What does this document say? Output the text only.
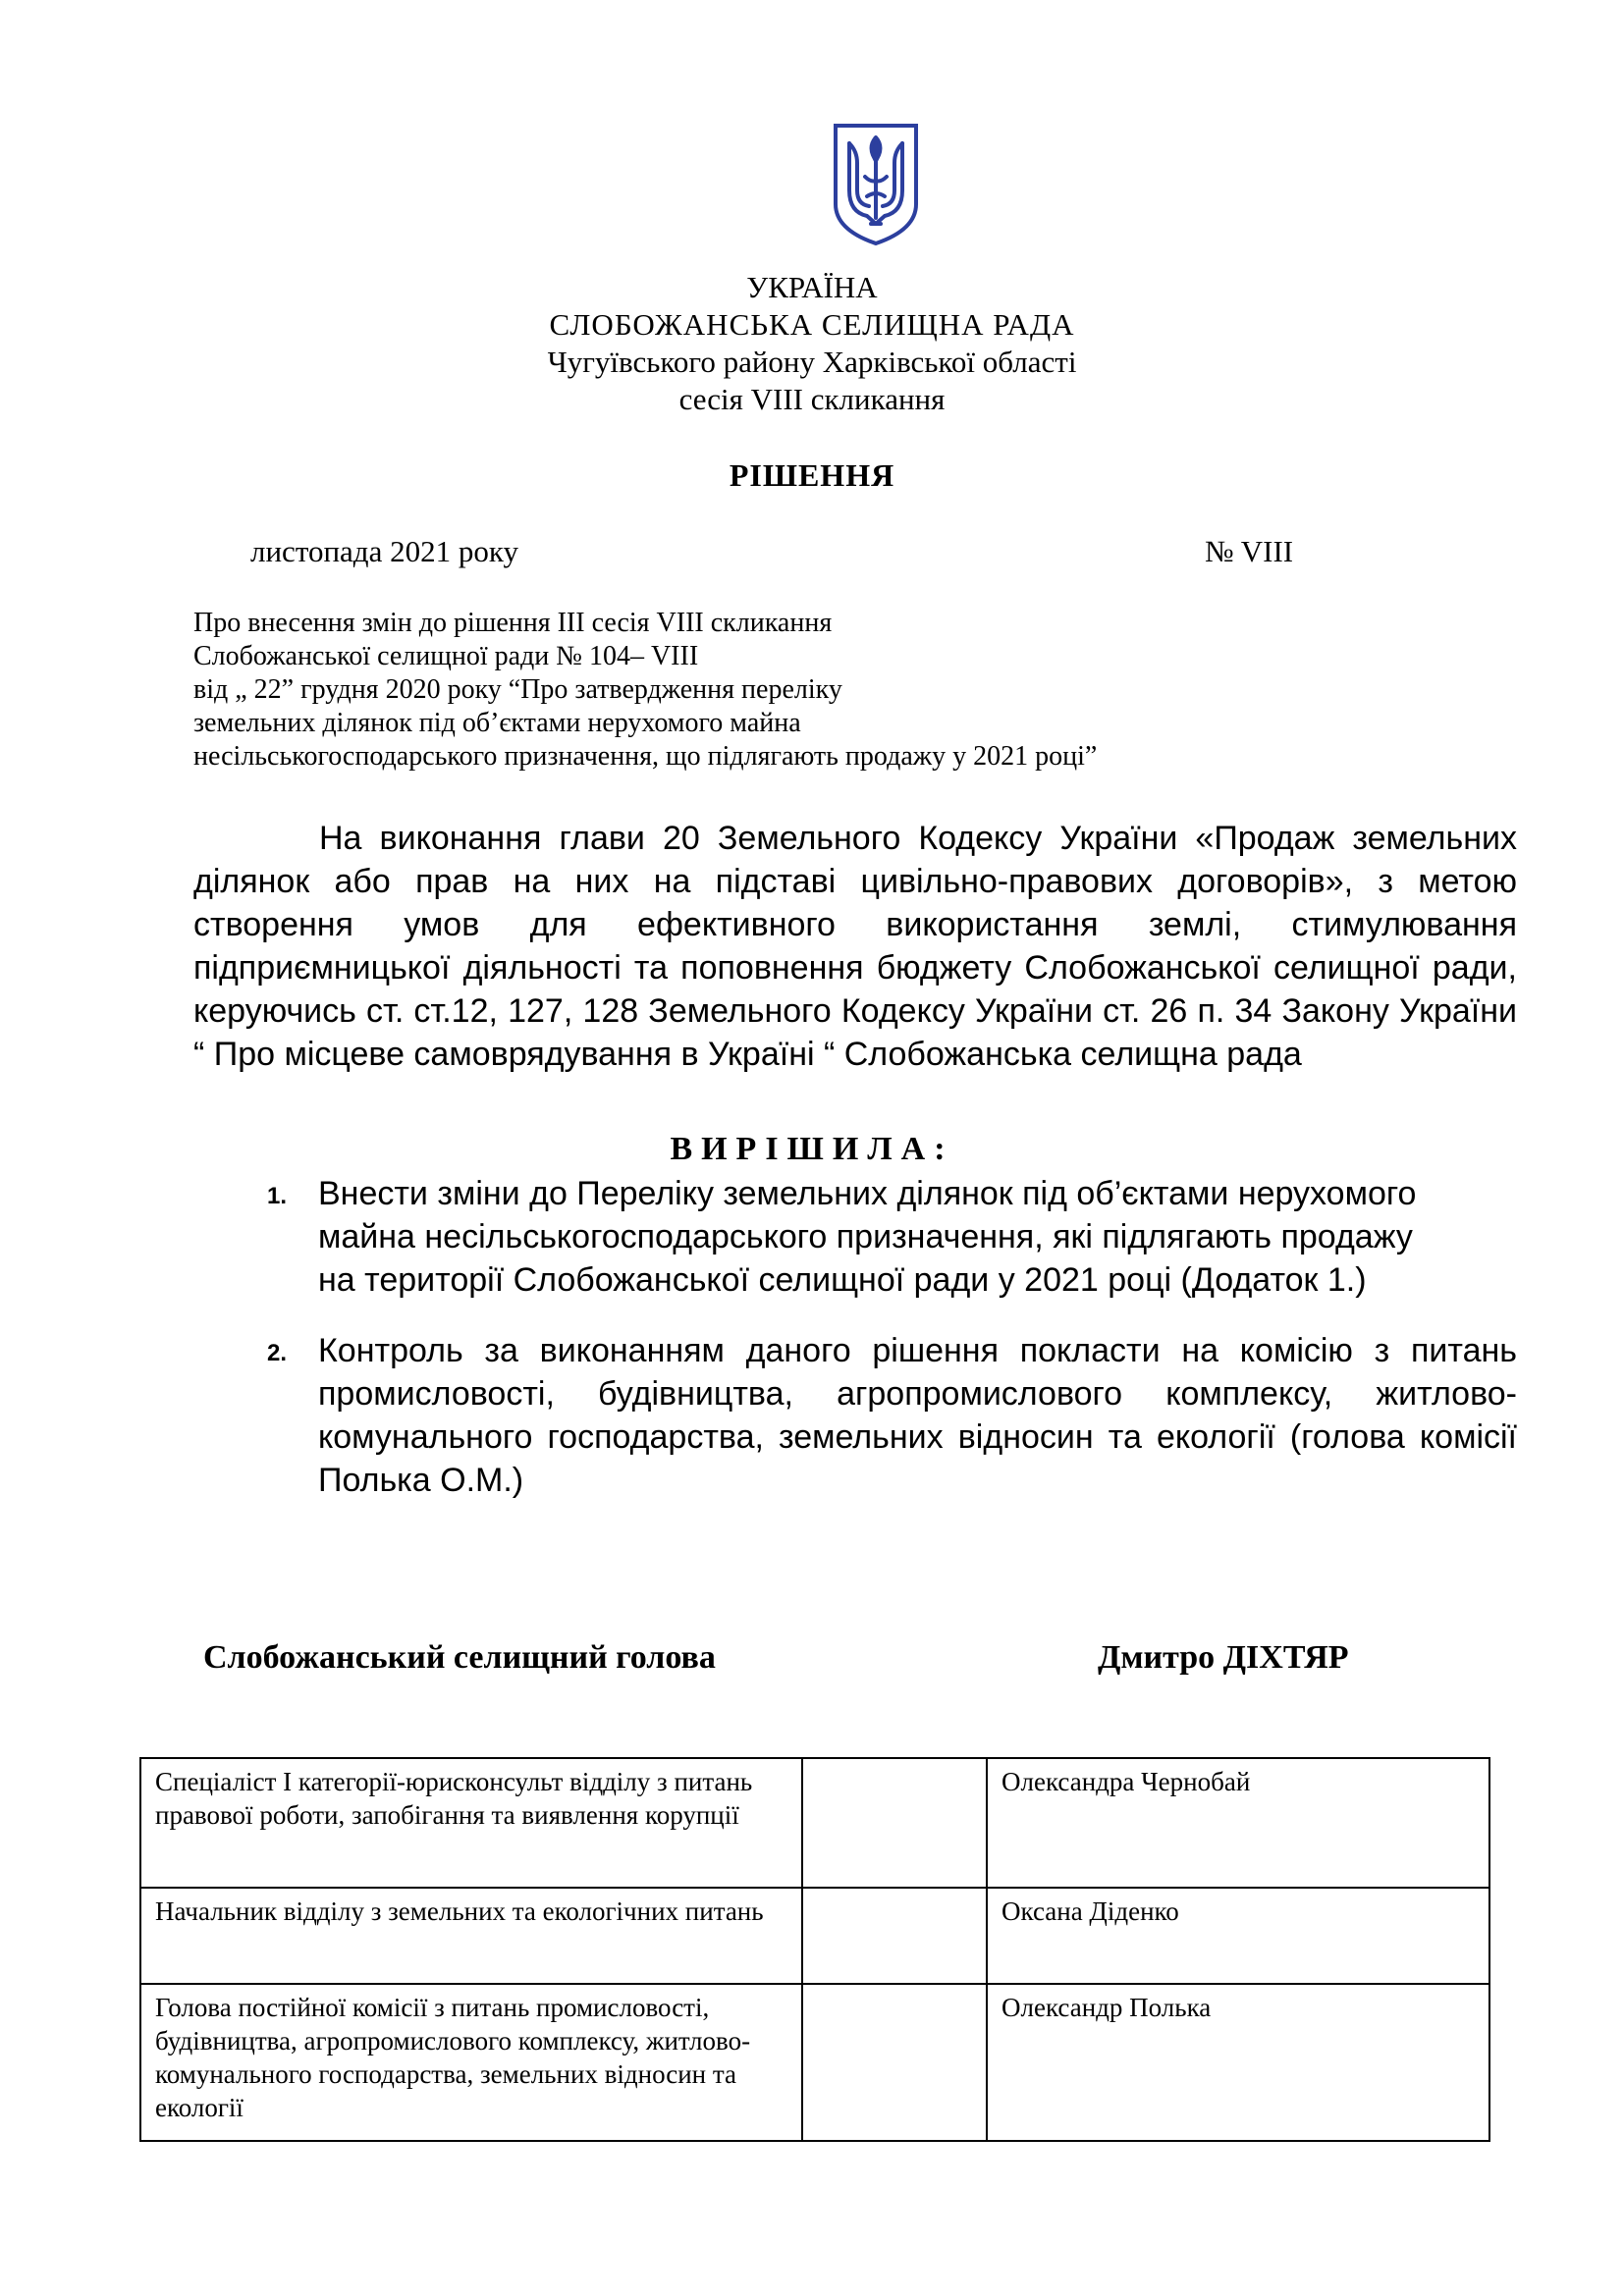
УКРАЇНА
СЛОБОЖАНСЬКА СЕЛИЩНА РАДА
Чугуївського району Харківської області
сесія VIII скликання
РІШЕННЯ
листопада 2021 року	№ VIII
Про внесення змін до рішення ІІІ сесія VIII скликання
Слобожанської селищної ради № 104– VIII
від „ 22” грудня 2020 року “Про затвердження переліку
земельних ділянок під об’єктами нерухомого майна
несільськогосподарського призначення, що підлягають продажу у 2021 році”
На виконання глави 20 Земельного Кодексу України «Продаж земельних ділянок або прав на них на підставі цивільно-правових договорів», з метою створення умов для ефективного використання землі, стимулювання підприємницької діяльності та поповнення бюджету Слобожанської селищної ради, керуючись ст. ст.12, 127, 128 Земельного Кодексу України ст. 26 п. 34 Закону України “ Про місцеве самоврядування в Україні “ Слобожанська селищна рада
ВИРІШИЛА:
1. Внести зміни до Переліку земельних ділянок під об’єктами нерухомого
майна несільськогосподарського призначення, які підлягають продажу
на території Слобожанської селищної ради у 2021 році (Додаток 1.)
2. Контроль за виконанням даного рішення покласти на комісію з питань промисловості, будівництва, агропромислового комплексу, житлово-комунального господарства, земельних відносин та екології (голова комісії Полька О.М.)
Слобожанський селищний голова	Дмитро ДІХТЯР
Спеціаліст І категорії-юрисконсульт відділу з питань правової роботи, запобігання та виявлення корупції		Олександра Чернобай
Начальник відділу з земельних та екологічних питань		Оксана Діденко
Голова постійної комісії з питань промисловості, будівництва, агропромислового комплексу, житлово-комунального господарства, земельних відносин та екології		Олександр Полька
